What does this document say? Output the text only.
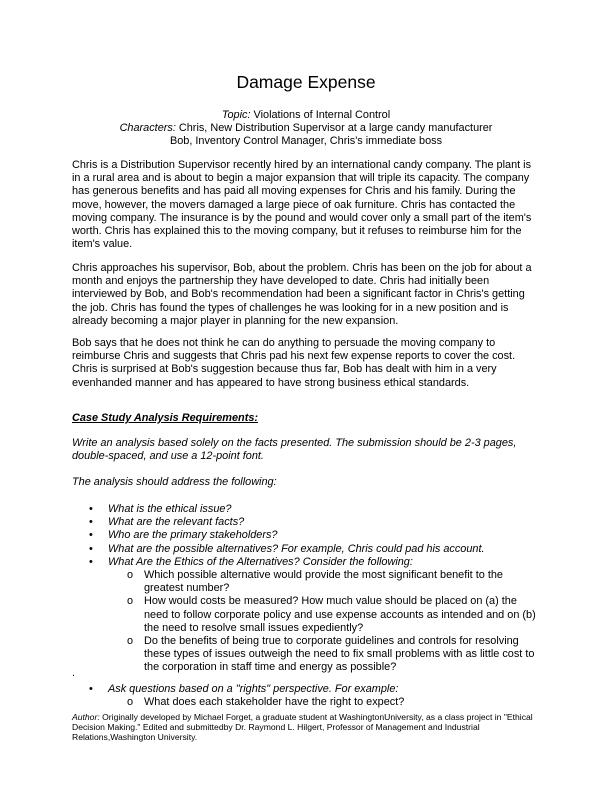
Damage Expense
Topic: Violations of Internal Control
Characters: Chris, New Distribution Supervisor at a large candy manufacturer
Bob, Inventory Control Manager, Chris's immediate boss

Chris is a Distribution Supervisor recently hired by an international candy company. The plant is in a rural area and is about to begin a major expansion that will triple its capacity. The company has generous benefits and has paid all moving expenses for Chris and his family. During the move, however, the movers damaged a large piece of oak furniture. Chris has contacted the moving company. The insurance is by the pound and would cover only a small part of the item's worth. Chris has explained this to the moving company, but it refuses to reimburse him for the item's value.

Chris approaches his supervisor, Bob, about the problem. Chris has been on the job for about a month and enjoys the partnership they have developed to date. Chris had initially been interviewed by Bob, and Bob's recommendation had been a significant factor in Chris's getting the job. Chris has found the types of challenges he was looking for in a new position and is already becoming a major player in planning for the new expansion.

Bob says that he does not think he can do anything to persuade the moving company to reimburse Chris and suggests that Chris pad his next few expense reports to cover the cost. Chris is surprised at Bob's suggestion because thus far, Bob has dealt with him in a very evenhanded manner and has appeared to have strong business ethical standards.

Case Study Analysis Requirements:
Write an analysis based solely on the facts presented. The submission should be 2-3 pages, double-spaced, and use a 12-point font.
The analysis should address the following:
• What is the ethical issue?
• What are the relevant facts?
• Who are the primary stakeholders?
• What are the possible alternatives? For example, Chris could pad his account.
• What Are the Ethics of the Alternatives? Consider the following:
o Which possible alternative would provide the most significant benefit to the greatest number?
o How would costs be measured? How much value should be placed on (a) the need to follow corporate policy and use expense accounts as intended and on (b) the need to resolve small issues expediently?
o Do the benefits of being true to corporate guidelines and controls for resolving these types of issues outweigh the need to fix small problems with as little cost to the corporation in staff time and energy as possible?
.
• Ask questions based on a "rights" perspective. For example:
o What does each stakeholder have the right to expect?
Author: Originally developed by Michael Forget, a graduate student at WashingtonUniversity, as a class project in "Ethical Decision Making." Edited and submittedby Dr. Raymond L. Hilgert, Professor of Management and Industrial Relations,Washington University.
